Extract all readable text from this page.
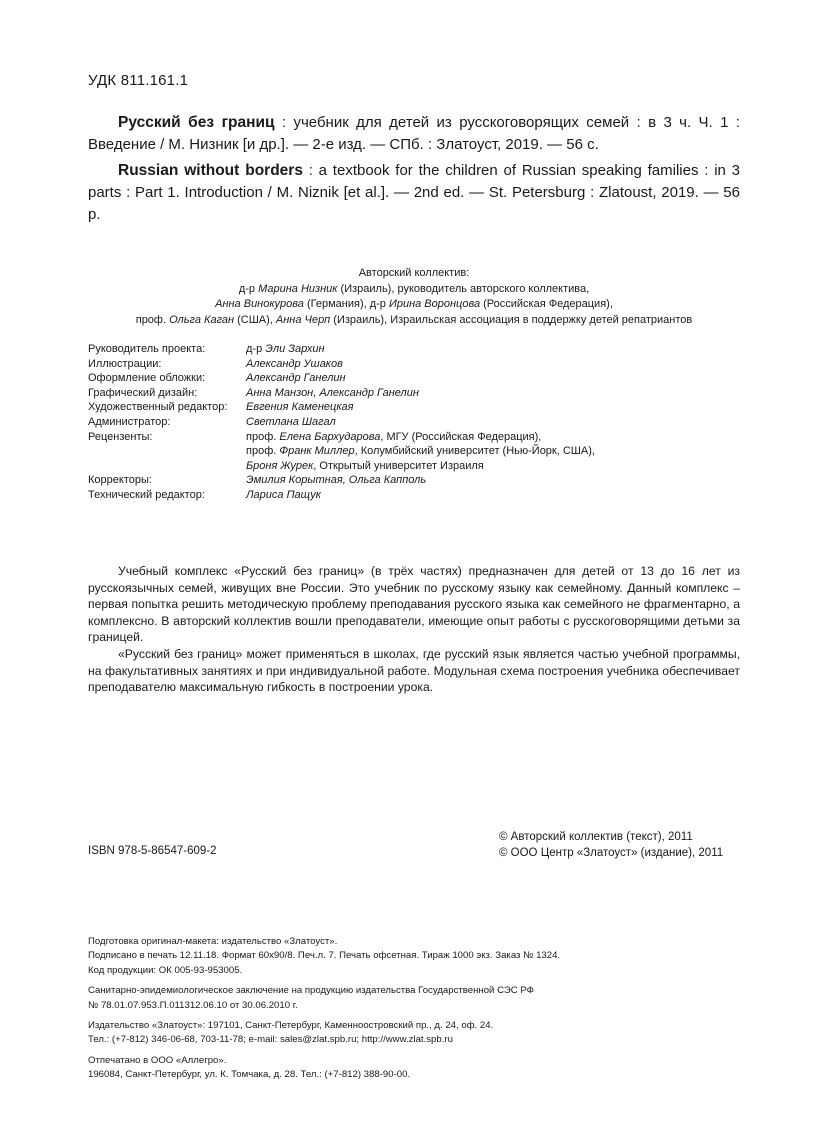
УДК 811.161.1
Русский без границ : учебник для детей из русскоговорящих семей : в 3 ч. Ч. 1 : Введение / М. Низник [и др.]. — 2-е изд. — СПб. : Златоуст, 2019. — 56 с.
Russian without borders : a textbook for the children of Russian speaking families : in 3 parts : Part 1. Introduction / M. Niznik [et al.]. — 2nd ed. — St. Petersburg : Zlatoust, 2019. — 56 p.
Авторский коллектив:
д-р Марина Низник (Израиль), руководитель авторского коллектива,
Анна Винокурова (Германия), д-р Ирина Воронцова (Российская Федерация),
проф. Ольга Каган (США), Анна Черп (Израиль), Израильская ассоциация в поддержку детей репатриантов
Руководитель проекта:	д-р Эли Зархин
Иллюстрации:	Александр Ушаков
Оформление обложки:	Александр Ганелин
Графический дизайн:	Анна Манзон, Александр Ганелин
Художественный редактор:	Евгения Каменецкая
Администратор:	Светлана Шагал
Рецензенты:	проф. Елена Бархударова, МГУ (Российская Федерация),
проф. Франк Миллер, Колумбийский университет (Нью-Йорк, США),
Броня Журек, Открытый университет Израиля
Корректоры:	Эмилия Корытная, Ольга Капполь
Технический редактор:	Лариса Пащук

Учебный комплекс «Русский без границ» (в трёх частях) предназначен для детей от 13 до 16 лет из русскоязычных семей, живущих вне России. Это учебник по русскому языку как семейному. Данный комплекс – первая попытка решить методическую проблему преподавания русского языка как семейного не фрагментарно, а комплексно. В авторский коллектив вошли преподаватели, имеющие опыт работы с русскоговорящими детьми за границей.

«Русский без границ» может применяться в школах, где русский язык является частью учебной программы, на факультативных занятиях и при индивидуальной работе. Модульная схема построения учебника обеспечивает преподавателю максимальную гибкость в построении урока.

© Авторский коллектив (текст), 2011
© ООО Центр «Златоуст» (издание), 2011
ISBN 978-5-86547-609-2
Подготовка оригинал-макета: издательство «Златоуст».
Подписано в печать 12.11.18. Формат 60x90/8. Печ.л. 7. Печать офсетная. Тираж 1000 экз. Заказ № 1324.
Код продукции: ОК 005-93-953005.
Санитарно-эпидемиологическое заключение на продукцию издательства Государственной СЭС РФ
№ 78.01.07.953.П.011312.06.10 от 30.06.2010 г.
Издательство «Златоуст»: 197101, Санкт-Петербург, Каменноостровский пр., д. 24, оф. 24.
Тел.: (+7-812) 346-06-68, 703-11-78; e-mail: sales@zlat.spb.ru; http://www.zlat.spb.ru
Отпечатано в ООО «Аллегро».
196084, Санкт-Петербург, ул. К. Томчака, д. 28. Тел.: (+7-812) 388-90-00.
